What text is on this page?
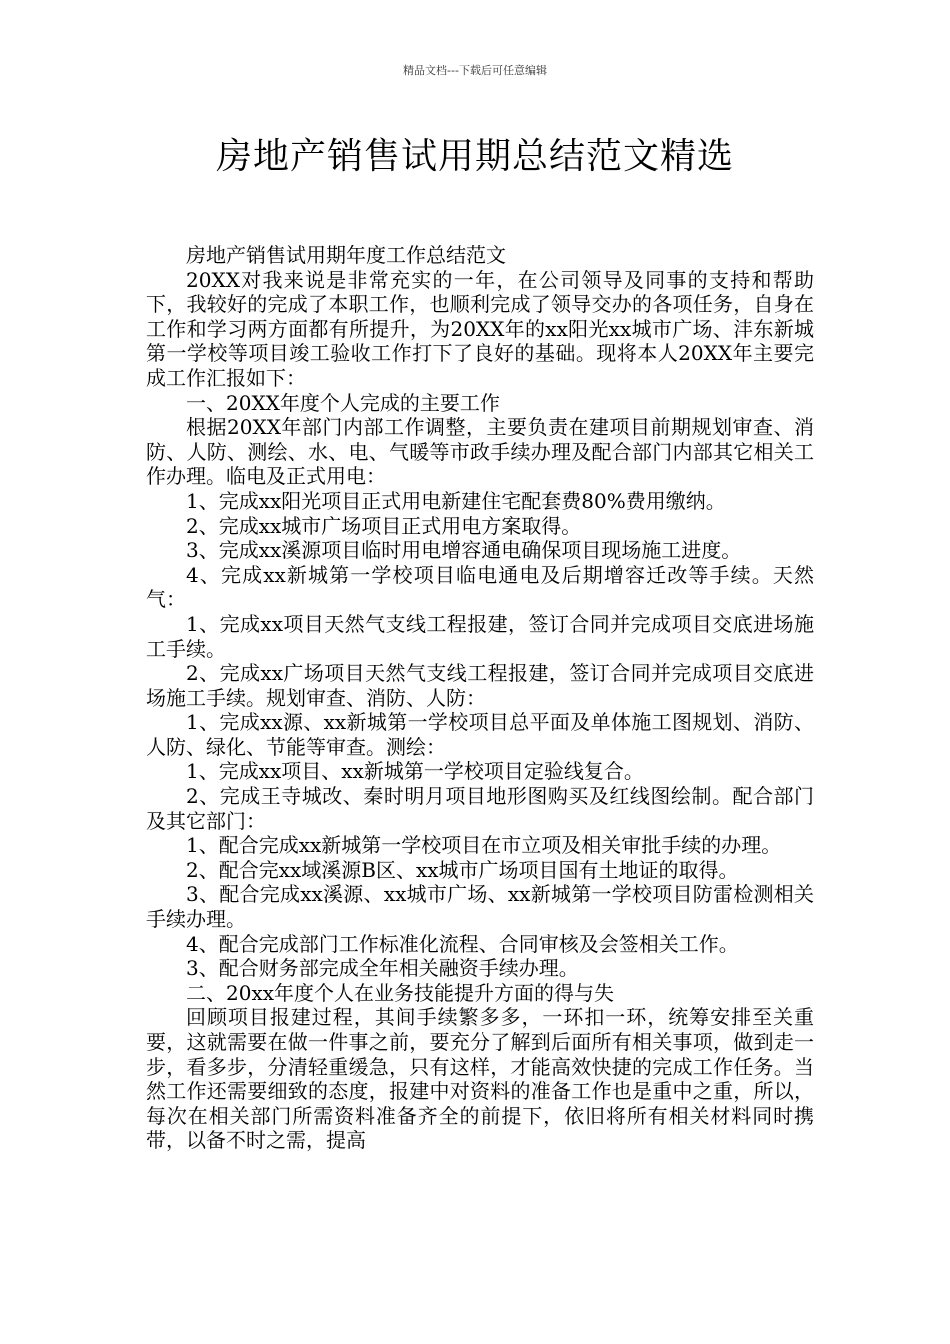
精品文档---下载后可任意编辑

房地产销售试用期总结范文精选

房地产销售试用期年度工作总结范文

20XX对我来说是非常充实的一年，在公司领导及同事的支持和帮助下，我较好的完成了本职工作，也顺利完成了领导交办的各项任务，自身在工作和学习两方面都有所提升，为20XX年的xx阳光xx城市广场、沣东新城第一学校等项目竣工验收工作打下了良好的基础。现将本人20XX年主要完成工作汇报如下：

一、20XX年度个人完成的主要工作

根据20XX年部门内部工作调整，主要负责在建项目前期规划审查、消防、人防、测绘、水、电、气暖等市政手续办理及配合部门内部其它相关工作办理。临电及正式用电：

1、完成xx阳光项目正式用电新建住宅配套费80%费用缴纳。

2、完成xx城市广场项目正式用电方案取得。

3、完成xx溪源项目临时用电增容通电确保项目现场施工进度。

4、完成xx新城第一学校项目临电通电及后期增容迁改等手续。天然气：

1、完成xx项目天然气支线工程报建，签订合同并完成项目交底进场施工手续。

2、完成xx广场项目天然气支线工程报建，签订合同并完成项目交底进场施工手续。规划审查、消防、人防：

1、完成xx源、xx新城第一学校项目总平面及单体施工图规划、消防、人防、绿化、节能等审查。测绘：

1、完成xx项目、xx新城第一学校项目定验线复合。

2、完成王寺城改、秦时明月项目地形图购买及红线图绘制。配合部门及其它部门：

1、配合完成xx新城第一学校项目在市立项及相关审批手续的办理。

2、配合完xx域溪源B区、xx城市广场项目国有土地证的取得。

3、配合完成xx溪源、xx城市广场、xx新城第一学校项目防雷检测相关手续办理。

4、配合完成部门工作标准化流程、合同审核及会签相关工作。

3、配合财务部完成全年相关融资手续办理。

二、20xx年度个人在业务技能提升方面的得与失

回顾项目报建过程，其间手续繁多多，一环扣一环，统筹安排至关重要，这就需要在做一件事之前，要充分了解到后面所有相关事项，做到走一步，看多步，分清轻重缓急，只有这样，才能高效快捷的完成工作任务。当然工作还需要细致的态度，报建中对资料的准备工作也是重中之重，所以，每次在相关部门所需资料准备齐全的前提下，依旧将所有相关材料同时携带，以备不时之需，提高
